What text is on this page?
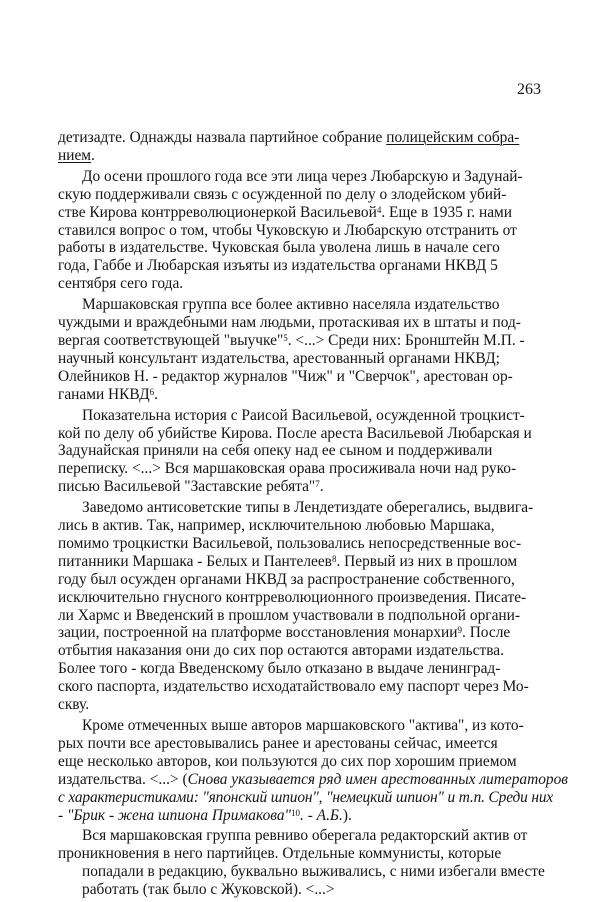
263

детизадте. Однажды назвала партийное собрание полицейским собра-
нием.

До осени прошлого года все эти лица через Любарскую и Задунай-
скую поддерживали связь с осужденной по делу о злодейском убий-
стве Кирова контрреволюционеркой Васильевой$^4$. Еще в 1935 г. нами
ставился вопрос о том, чтобы Чуковскую и Любарскую отстранить от
работы в издательстве. Чуковская была уволена лишь в начале сего
года, Габбе и Любарская изъяты из издательства органами НКВД 5
сентября сего года.

Маршаковская группа все более активно населяла издательство
чуждыми и враждебными нам людьми, протаскивая их в штаты и под-
вергая соответствующей "выучке"$^5$. <...> Среди них: Бронштейн М.П. -
научный консультант издательства, арестованный органами НКВД;
Олейников Н. - редактор журналов "Чиж" и "Сверчок", арестован ор-
ганами НКВД$^6$.

Показательна история с Раисой Васильевой, осужденной троцкист-
кой по делу об убийстве Кирова. После ареста Васильевой Любарская и
Задунайская приняли на себя опеку над ее сыном и поддерживали
переписку. <...> Вся маршаковская орава просиживала ночи над руко-
писью Васильевой "Заставские ребята"$^7$.

Заведомо антисоветские типы в Лендетиздате оберегались, выдвига-
лись в актив. Так, например, исключительною любовью Маршака,
помимо троцкистки Васильевой, пользовались непосредственные вос-
питанники Маршака - Белых и Пантелеев$^8$. Первый из них в прошлом
году был осужден органами НКВД за распространение собственного,
исключительно гнусного контрреволюционного произведения. Писате-
ли Хармс и Введенский в прошлом участвовали в подпольной органи-
зации, построенной на платформе восстановления монархии$^9$. После
отбытия наказания они до сих пор остаются авторами издательства.
Более того - когда Введенскому было отказано в выдаче ленинград-
ского паспорта, издательство исходатайствовало ему паспорт через Мо-
скву.

Кроме отмеченных выше авторов маршаковского "актива", из кото-
рых почти все арестовывались ранее и арестованы сейчас, имеется
еще несколько авторов, кои пользуются до сих пор хорошим приемом
издательства. <...> (Снова указывается ряд имен арестованных литераторов
с характеристиками: "японский шпион", "немецкий шпион" и т.п. Среди них
- "Брик - жена шпиона Примакова"$^{10}$. - А.Б.).

Вся маршаковская группа ревниво оберегала редакторский актив от
проникновения в него партийцев. Отдельные коммунисты, которые
попадали в редакцию, буквально выживались, с ними избегали вместе
работать (так было с Жуковской). <...>
